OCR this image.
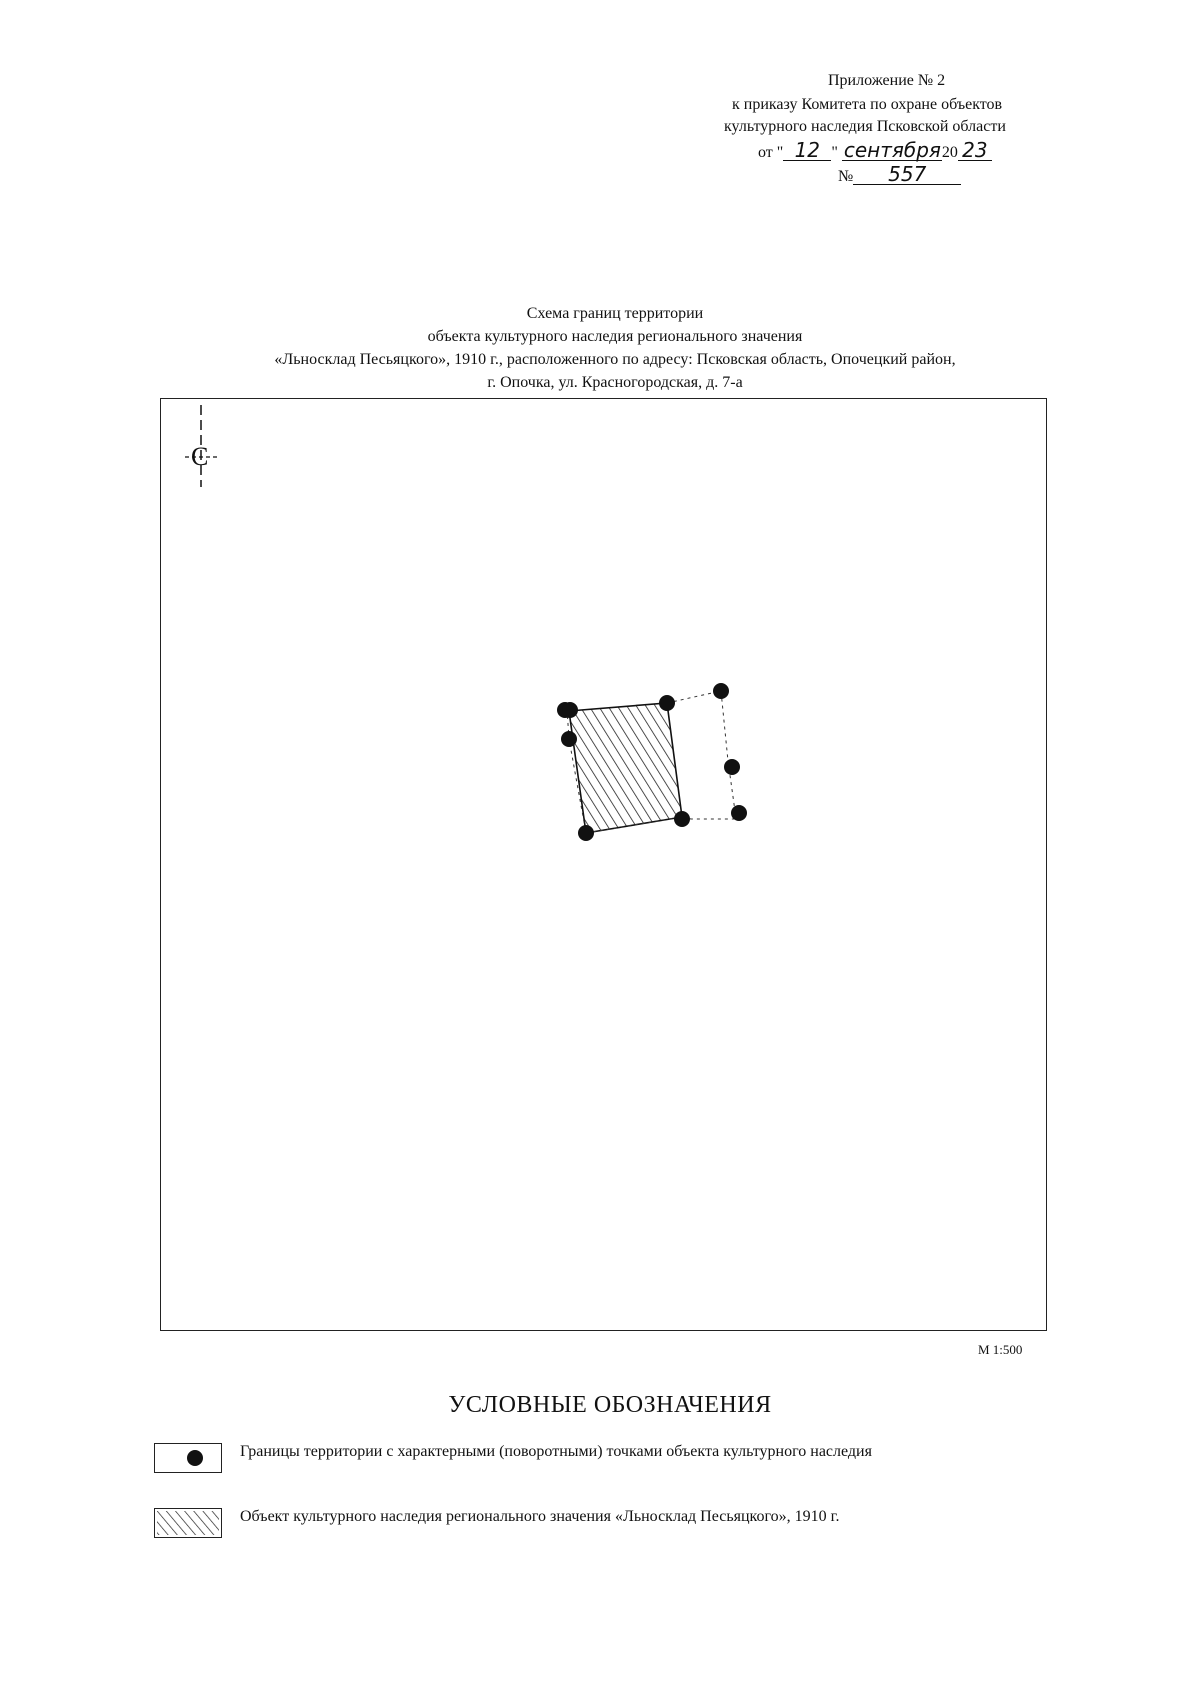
Приложение № 2
к приказу Комитета по охране объектов
культурного наследия Псковской области
от " 12 " сентября20 23
№ 557
Схема границ территории
объекта культурного наследия регионального значения
«Льносклад Песьяцкого», 1910 г., расположенного по адресу: Псковская область, Опочецкий район,
г. Опочка, ул. Красногородская, д. 7-а
С
М 1:500
УСЛОВНЫЕ ОБОЗНАЧЕНИЯ
Границы территории с характерными (поворотными) точками объекта культурного наследия
Объект культурного наследия регионального значения «Льносклад Песьяцкого», 1910 г.
